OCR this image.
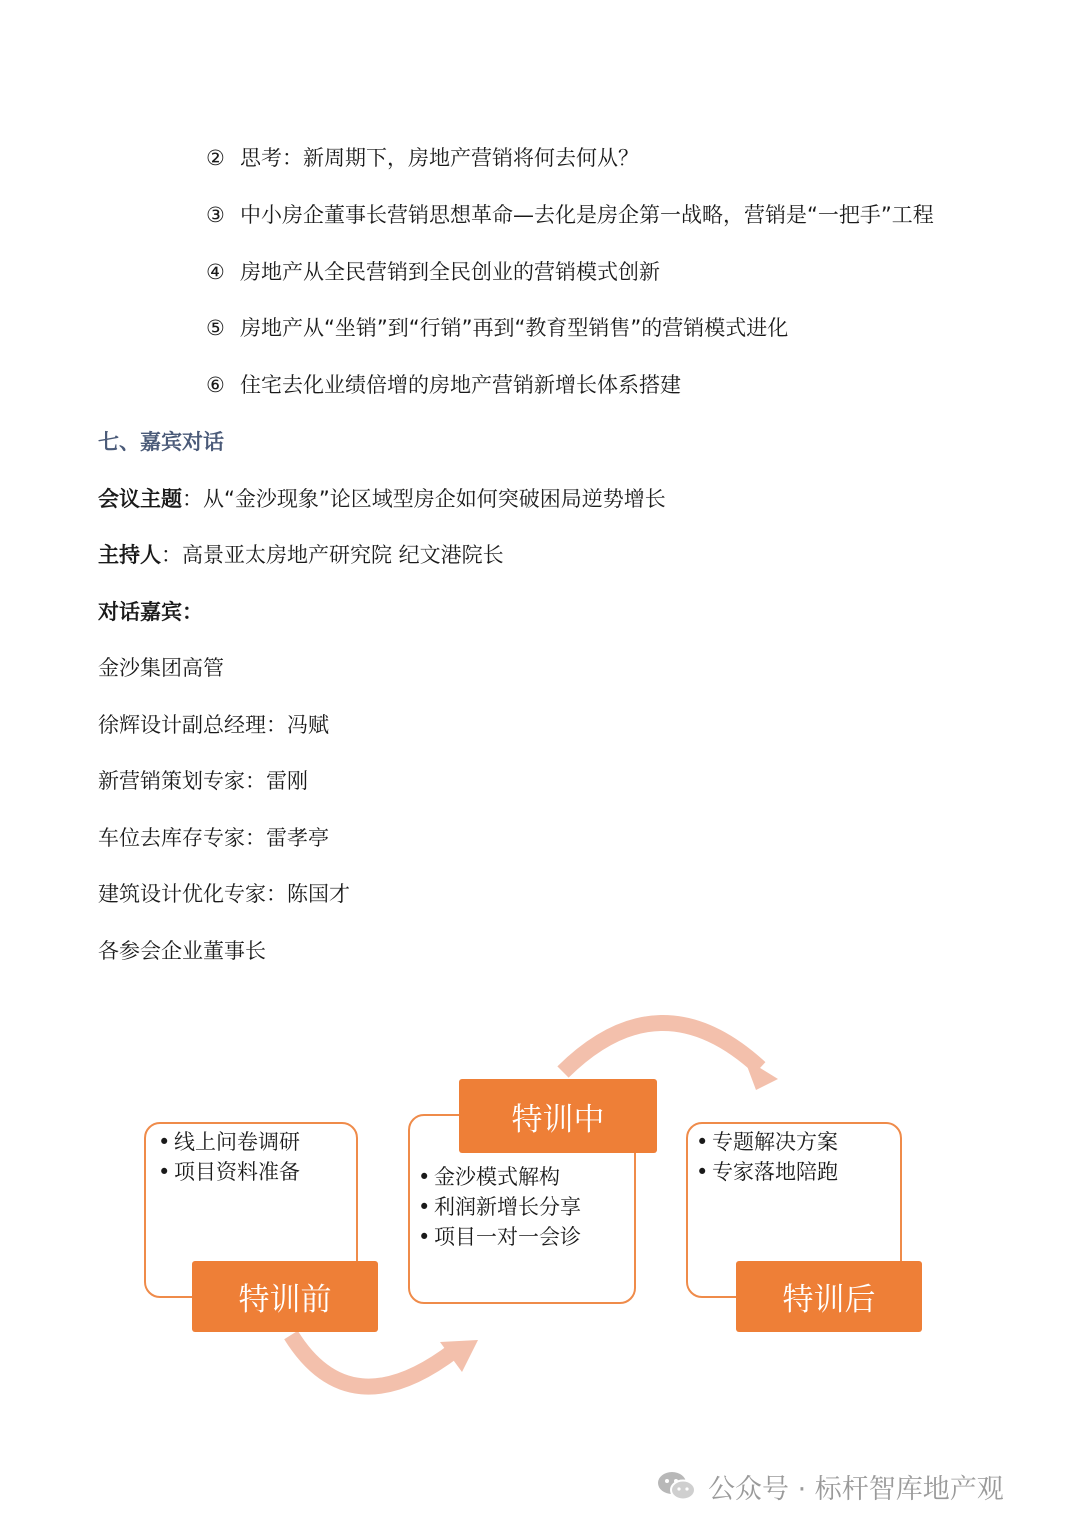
② 思考：新周期下，房地产营销将何去何从？
③ 中小房企董事长营销思想革命—去化是房企第一战略，营销是“一把手”工程
④ 房地产从全民营销到全民创业的营销模式创新
⑤ 房地产从“坐销”到“行销”再到“教育型销售”的营销模式进化
⑥ 住宅去化业绩倍增的房地产营销新增长体系搭建
七、嘉宾对话
会议主题：从“金沙现象”论区域型房企如何突破困局逆势增长
主持人：高景亚太房地产研究院 纪文港院长
对话嘉宾：
金沙集团高管
徐辉设计副总经理：冯赋
新营销策划专家：雷刚
车位去库存专家：雷孝亭
建筑设计优化专家：陈国才
各参会企业董事长
• 线上问卷调研
• 项目资料准备
特训前
特训中
• 金沙模式解构
• 利润新增长分享
• 项目一对一会诊
• 专题解决方案
• 专家落地陪跑
特训后
公众号 · 标杆智库地产观
